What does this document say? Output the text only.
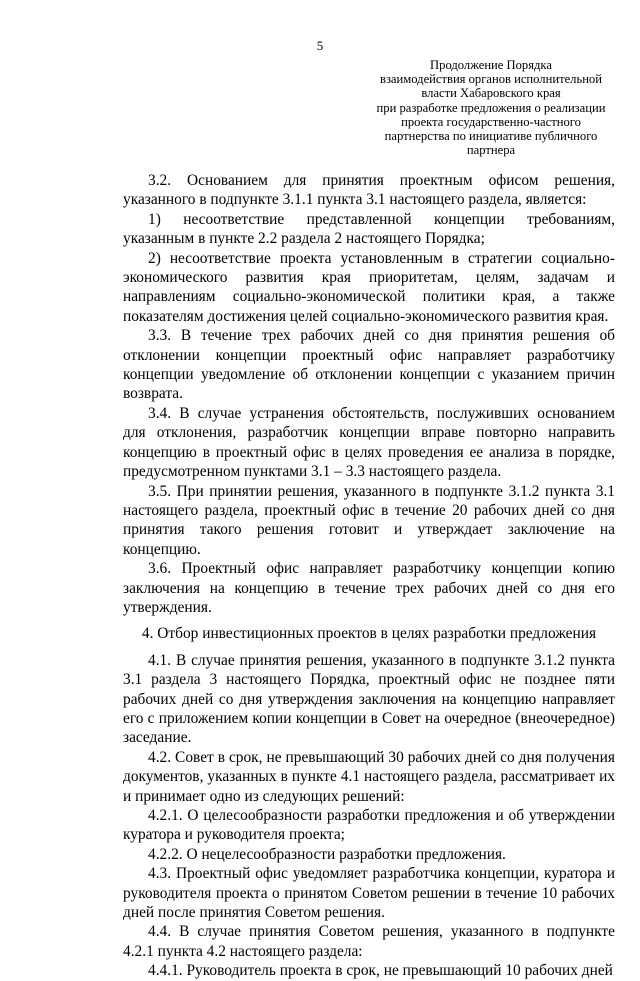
5
Продолжение Порядка
взаимодействия органов исполнительной
власти Хабаровского края
при разработке предложения о реализации
проекта государственно-частного
партнерства по инициативе публичного
партнера

3.2. Основанием для принятия проектным офисом решения, указанного в подпункте 3.1.1 пункта 3.1 настоящего раздела, является:

1) несоответствие представленной концепции требованиям, указанным в пункте 2.2 раздела 2 настоящего Порядка;

2) несоответствие проекта установленным в стратегии социально-экономического развития края приоритетам, целям, задачам и направлениям социально-экономической политики края, а также показателям достижения целей социально-экономического развития края.

3.3. В течение трех рабочих дней со дня принятия решения об отклонении концепции проектный офис направляет разработчику концепции уведомление об отклонении концепции с указанием причин возврата.

3.4. В случае устранения обстоятельств, послуживших основанием для отклонения, разработчик концепции вправе повторно направить концепцию в проектный офис в целях проведения ее анализа в порядке, предусмотренном пунктами 3.1 – 3.3 настоящего раздела.

3.5. При принятии решения, указанного в подпункте 3.1.2 пункта 3.1 настоящего раздела, проектный офис в течение 20 рабочих дней со дня принятия такого решения готовит и утверждает заключение на концепцию.

3.6. Проектный офис направляет разработчику концепции копию заключения на концепцию в течение трех рабочих дней со дня его утверждения.

4. Отбор инвестиционных проектов в целях разработки предложения

4.1. В случае принятия решения, указанного в подпункте 3.1.2 пункта 3.1 раздела 3 настоящего Порядка, проектный офис не позднее пяти рабочих дней со дня утверждения заключения на концепцию направляет его с приложением копии концепции в Совет на очередное (внеочередное) заседание.

4.2. Совет в срок, не превышающий 30 рабочих дней со дня получения документов, указанных в пункте 4.1 настоящего раздела, рассматривает их и принимает одно из следующих решений:

4.2.1. О целесообразности разработки предложения и об утверждении куратора и руководителя проекта;

4.2.2. О нецелесообразности разработки предложения.

4.3. Проектный офис уведомляет разработчика концепции, куратора и руководителя проекта о принятом Советом решении в течение 10 рабочих дней после принятия Советом решения.

4.4. В случае принятия Советом решения, указанного в подпункте 4.2.1 пункта 4.2 настоящего раздела:

4.4.1. Руководитель проекта в срок, не превышающий 10 рабочих дней
